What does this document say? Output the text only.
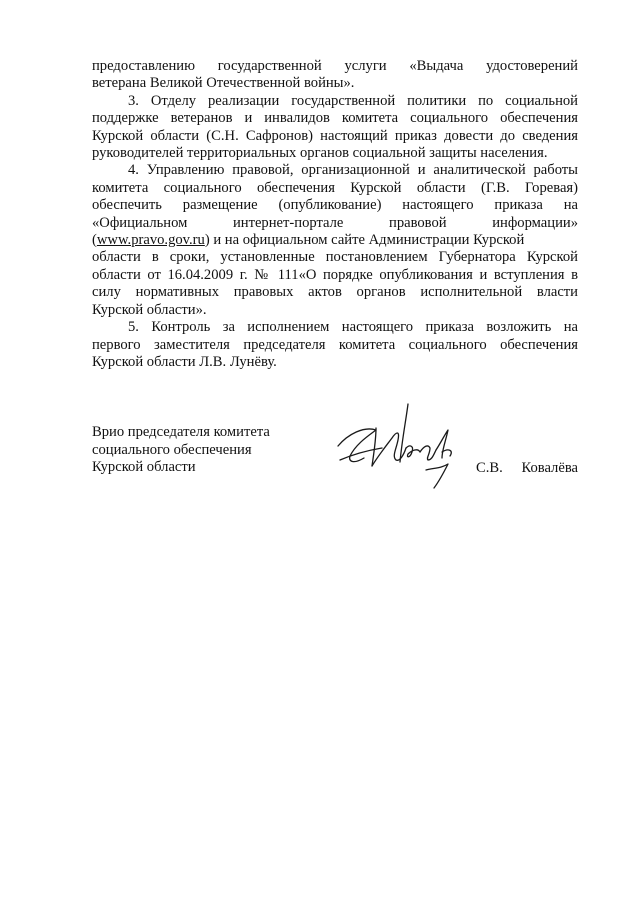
предоставлению государственной услуги «Выдача удостоверений
ветерана Великой Отечественной войны».
3. Отделу реализации государственной политики по социальной
поддержке ветеранов и инвалидов комитета социального обеспечения
Курской области (С.Н. Сафронов) настоящий приказ довести до сведения
руководителей территориальных органов социальной защиты населения.
4. Управлению правовой, организационной и аналитической работы
комитета социального обеспечения Курской области (Г.В. Горевая)
обеспечить размещение (опубликование) настоящего приказа на
«Официальном интернет-портале правовой информации»
(www.pravo.gov.ru) и на официальном сайте Администрации Курской
области в сроки, установленные постановлением Губернатора Курской
области от 16.04.2009 г. № 111«О порядке опубликования и вступления в
силу нормативных правовых актов органов исполнительной власти
Курской области».
5. Контроль за исполнением настоящего приказа возложить на
первого заместителя председателя комитета социального обеспечения
Курской области Л.В. Лунёву.
Врио председателя комитета
социального обеспечения
Курской области	С.В. Ковалёва
